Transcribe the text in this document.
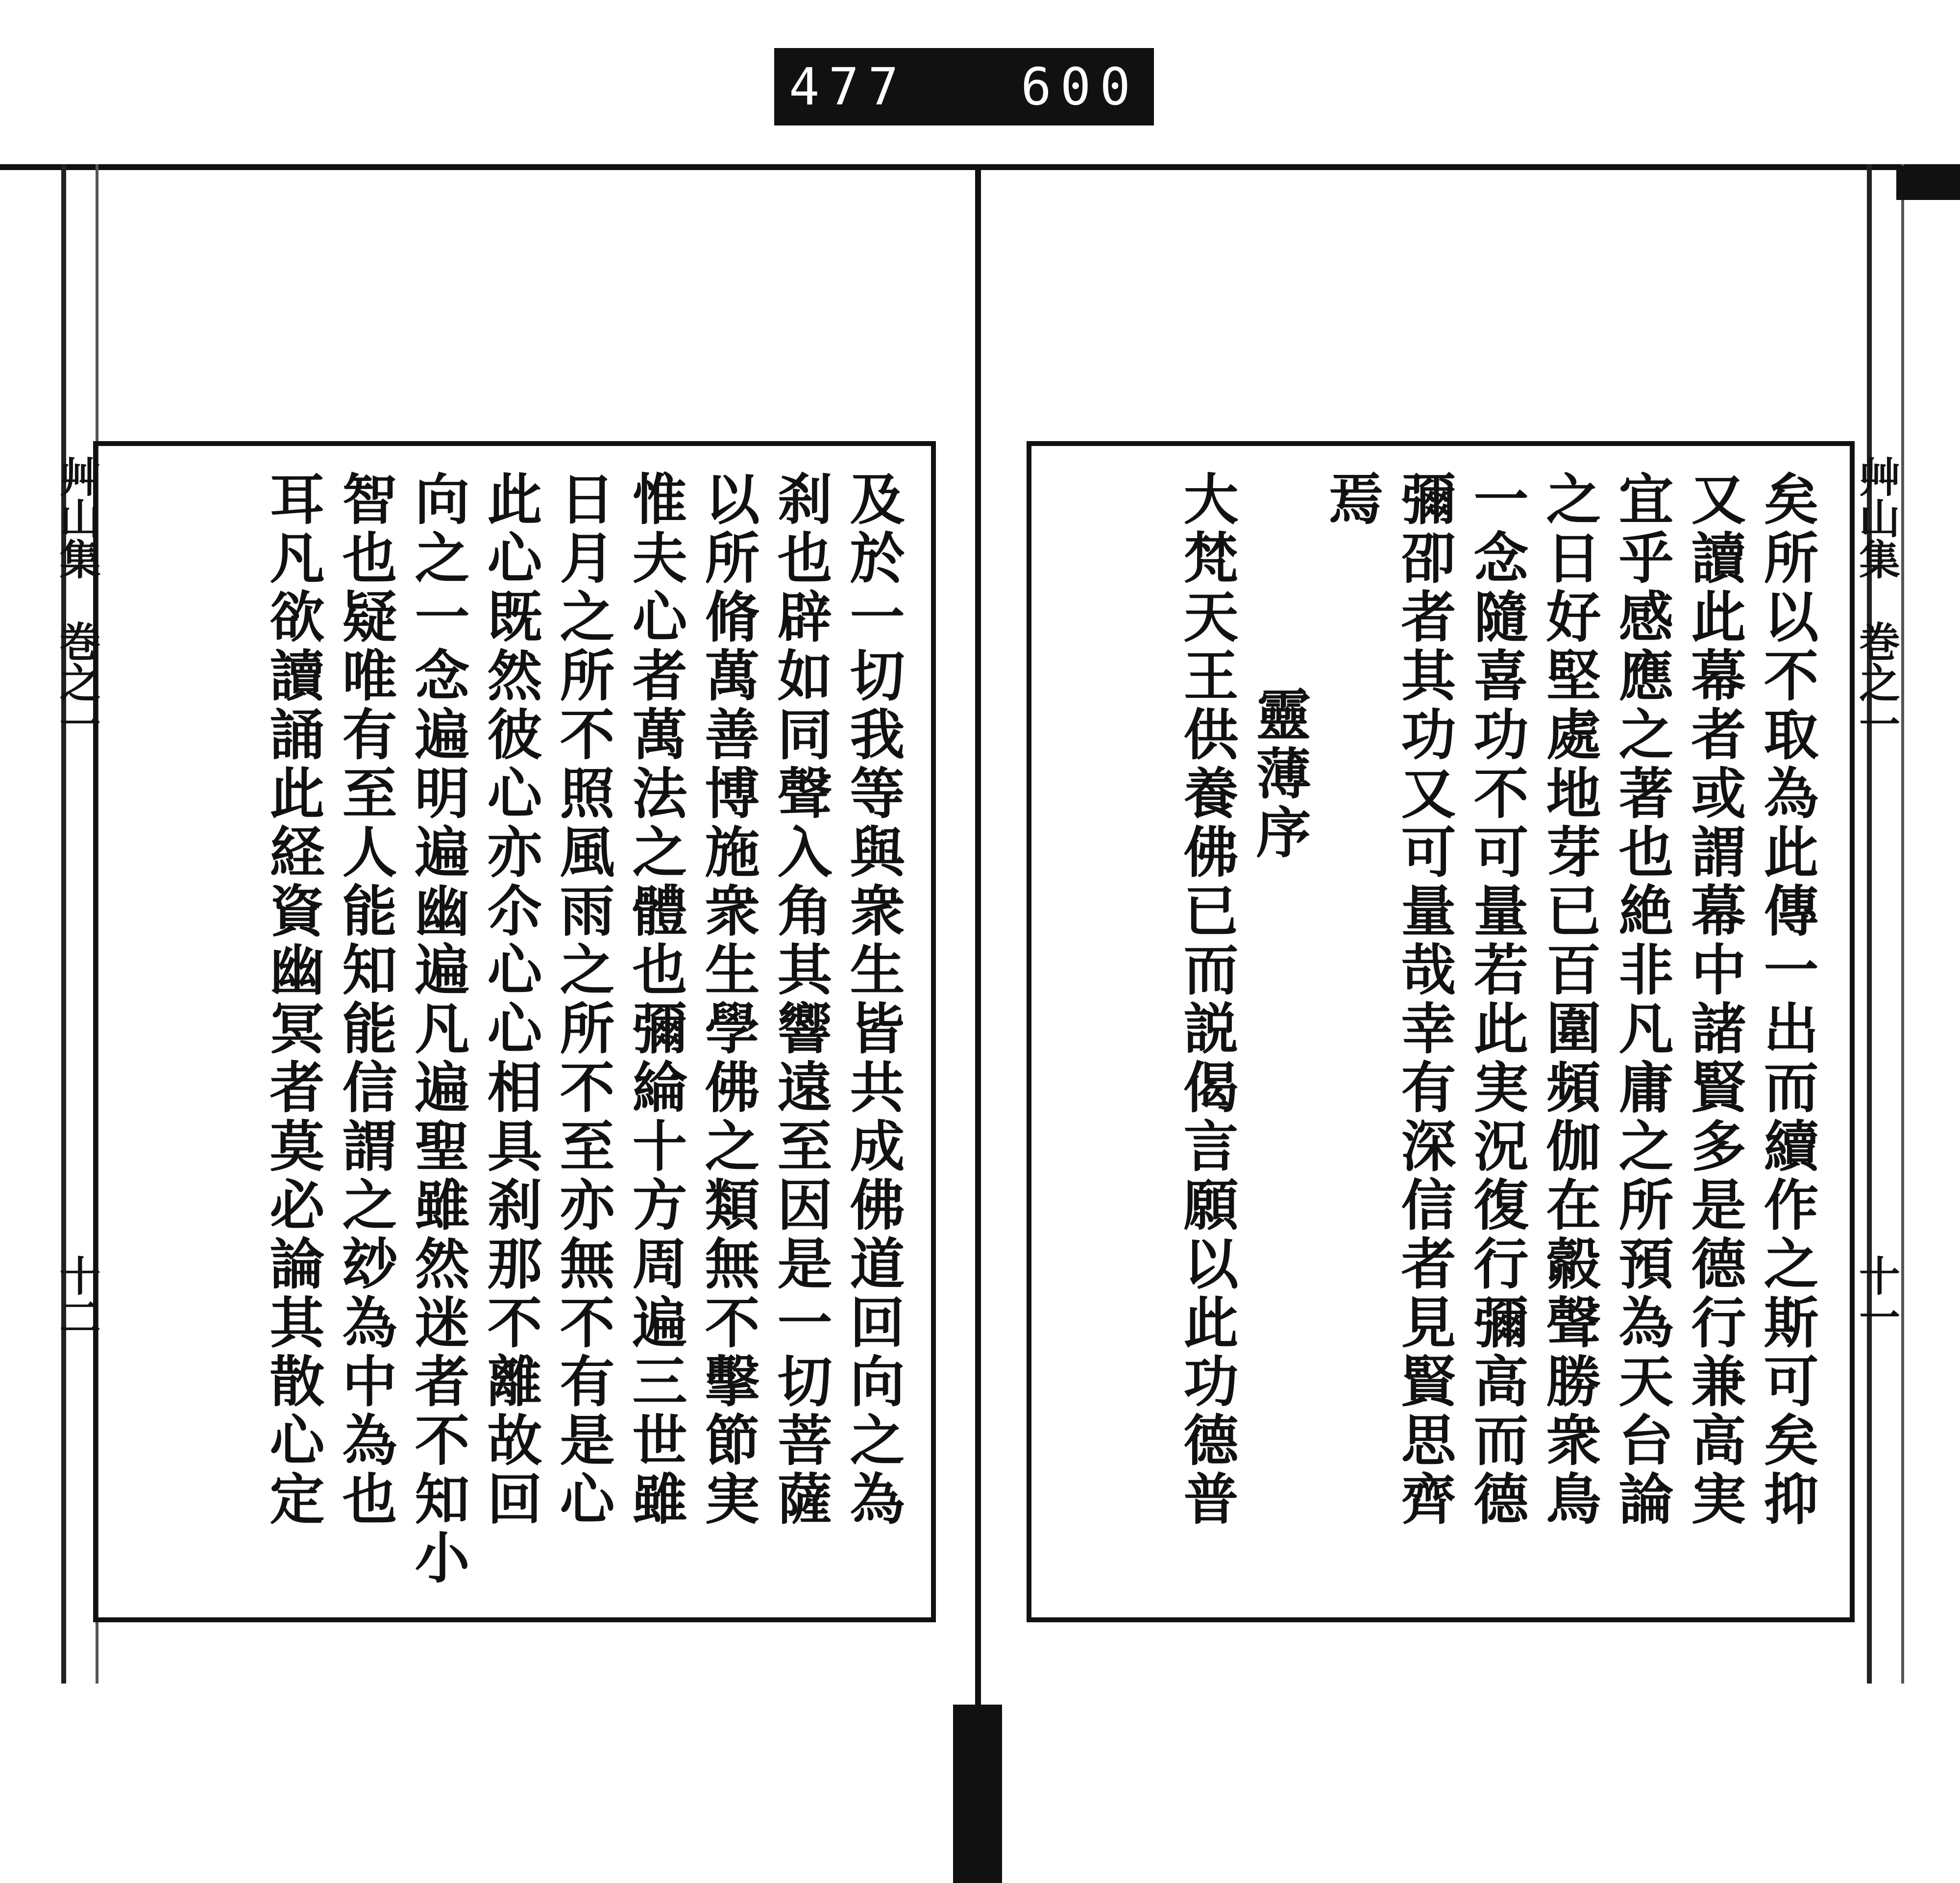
477 600
艸山集　巻之一
十二	及於一切我等與衆生皆共成佛道回向之為
刹也辟如同聲入角其響遠至因是一切菩薩
以所脩萬善博施衆生學佛之類無不擊節実
惟夫心者萬法之體也彌綸十方周遍三世雖
日月之所不照風雨之所不至亦無不有是心
此心既然彼心亦尒心心相具刹那不離故回
向之一念遍明遍幽遍凡遍聖雖然迷者不知小
智也疑唯有至人能知能信謂之玅為中為也
耳凡欲讀誦此経資幽冥者莫必論其散心定	矣所以不取為此傳一出而續作之斯可矣抑
又讀此幕者或謂幕中諸賢多是德行兼高実
宜乎感應之著也絶非凡庸之所預為天台論
之日好堅處地芽已百圍頻伽在㲉聲勝衆鳥
一念隨喜功不可量若此実況復行彌高而德
彌卲者其功又可量哉幸有深信者見賢思齊
焉
靈薄序
大梵天王供養佛已而説偈言願以此功德普	艸山集　巻之一
十一
